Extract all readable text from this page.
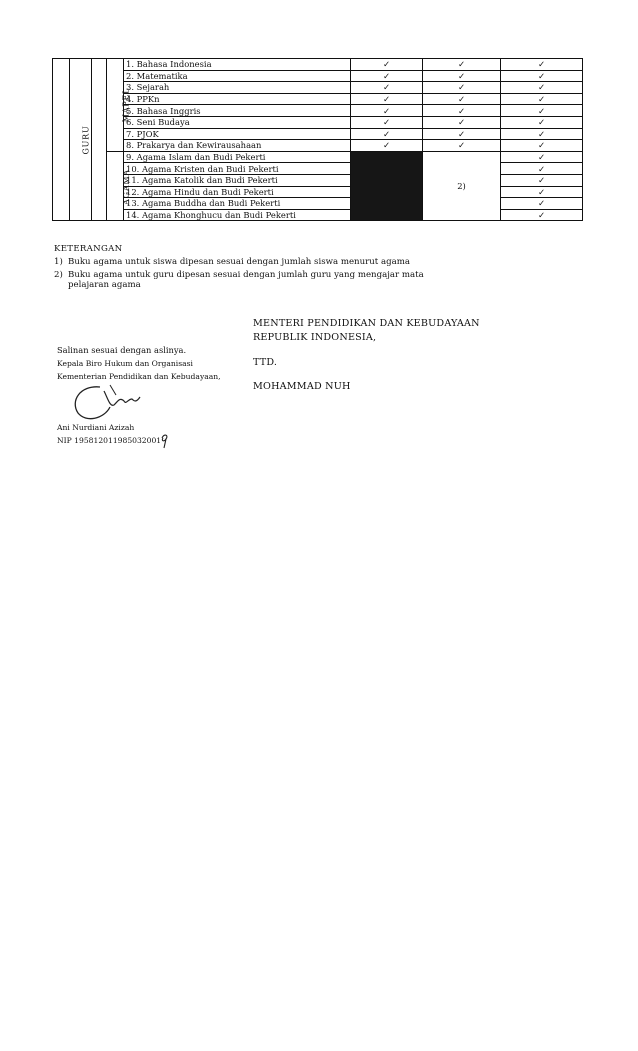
	GURU		MAPEL	1. Bahasa Indonesia	✓	✓	✓
				2. Matematika	✓	✓	✓
				3. Sejarah	✓	✓	✓
				4. PPKn	✓	✓	✓
				5. Bahasa Inggris	✓	✓	✓
				6. Seni Budaya	✓	✓	✓
				7. PJOK	✓	✓	✓
				8. Prakarya dan Kewirausahaan	✓	✓	✓
			AGAMA	9. Agama Islam dan Budi Pekerti		2)	✓
				10. Agama Kristen dan Budi Pekerti			✓
				11. Agama Katolik dan Budi Pekerti			✓
				12. Agama Hindu dan Budi Pekerti			✓
				13. Agama Buddha dan Budi Pekerti			✓
				14. Agama Khonghucu dan Budi Pekerti			✓
KETERANGAN
1) Buku agama untuk siswa dipesan sesuai dengan jumlah siswa menurut agama
2) Buku agama untuk guru dipesan sesuai dengan jumlah guru yang mengajar mata
pelajaran agama
MENTERI PENDIDIKAN DAN KEBUDAYAAN
REPUBLIK INDONESIA,
TTD.
MOHAMMAD NUH
Salinan sesuai dengan aslinya.
Kepala Biro Hukum dan Organisasi
Kementerian Pendidikan dan Kebudayaan,
Ani Nurdiani Azizah
NIP 195812011985032001
